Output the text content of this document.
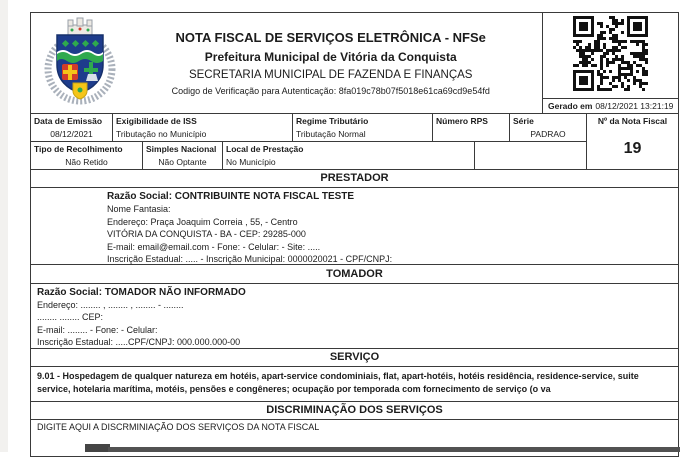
NOTA FISCAL DE SERVIÇOS ELETRÔNICA - NFSe
Prefeitura Municipal de Vitória da Conquista
SECRETARIA MUNICIPAL DE FAZENDA E FINANÇAS
Codigo de Verificação para Autenticação: 8fa019c78b07f5018e61ca69cd9e54fd
Gerado em 08/12/2021 13:21:19
Data de Emissão
08/12/2021
Exigibilidade de ISS
Tributação no Município
Regime Tributário
Tributação Normal
Número RPS	Série
PADRAO
Tipo de Recolhimento
Não Retido
Simples Nacional
Não Optante
Local de Prestação
No Município
Nº da Nota Fiscal
19
PRESTADOR
Razão Social: CONTRIBUINTE NOTA FISCAL TESTE
Nome Fantasia:
Endereço: Praça Joaquim Correia , 55, - Centro
VITÓRIA DA CONQUISTA - BA - CEP: 29285-000
E-mail: email@email.com - Fone: - Celular: - Site: .....
Inscrição Estadual: ..... - Inscrição Municipal: 0000020021 - CPF/CNPJ:
TOMADOR
Razão Social: TOMADOR NÃO INFORMADO
Endereço: ........ , ........ , ........ - ........
........ ........ CEP:
E-mail: ........ - Fone: - Celular:
Inscrição Estadual: .....CPF/CNPJ: 000.000.000-00
SERVIÇO
9.01 - Hospedagem de qualquer natureza em hotéis, apart-service condominiais, flat, apart-hotéis, hotéis residência, residence-service, suite service, hotelaria marítima, motéis, pensões e congêneres; ocupação por temporada com fornecimento de serviço (o va
DISCRIMINAÇÃO DOS SERVIÇOS
DIGITE AQUI A DISCRMINIAÇÃO DOS SERVIÇOS DA NOTA FISCAL
